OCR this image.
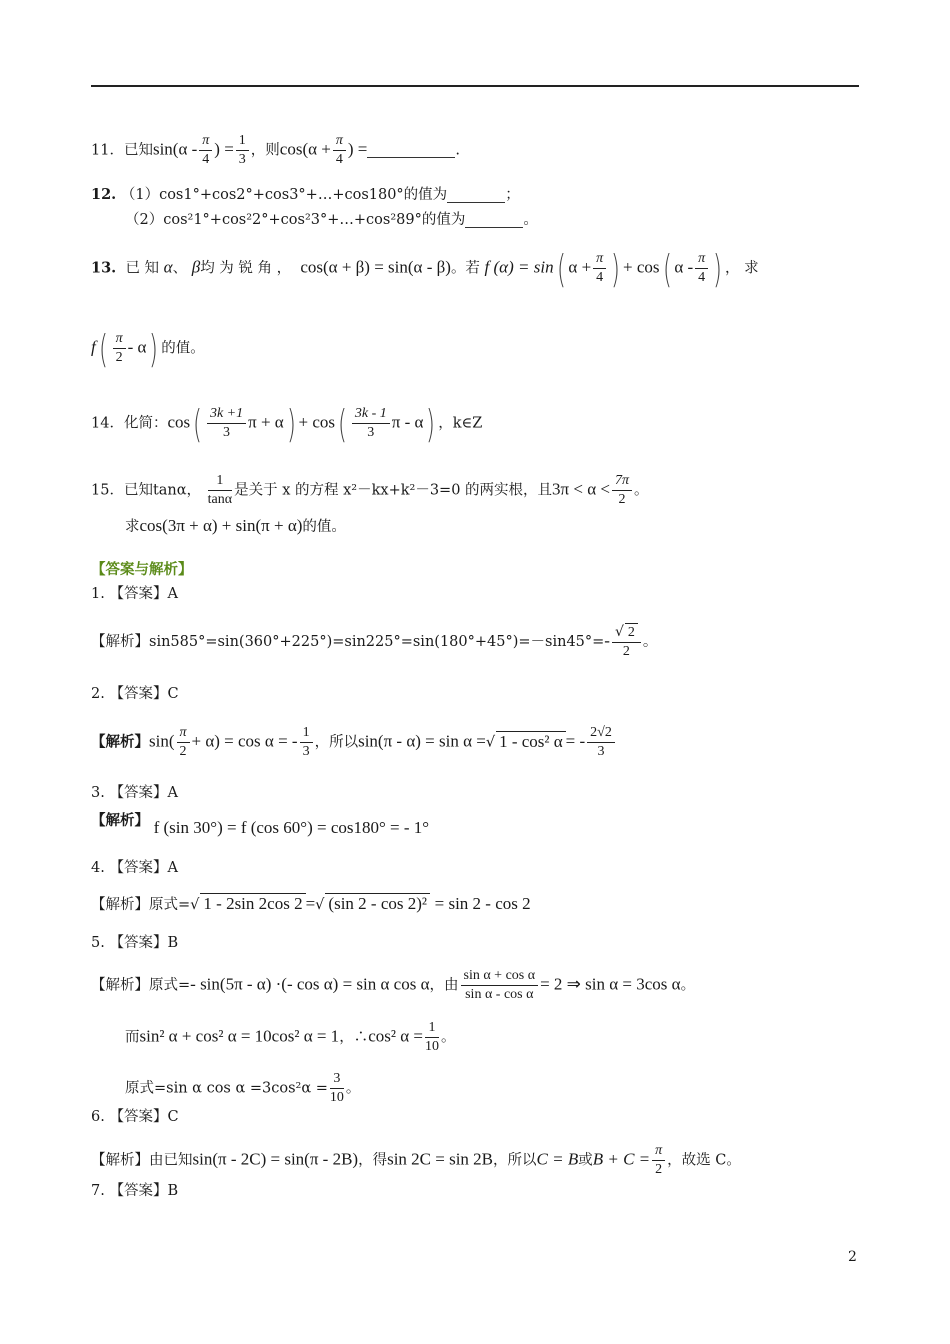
11．已知$\sin(\alpha - \frac{\pi}{4}$ ) = $\frac{1}{3}$ ，则$\cos(\alpha + \frac{\pi}{4}$ ) =	.
12. （1）cos1°+cos2°+cos3°+…+cos180°的值为	；
（2）cos²1°+cos²2°+cos²3°+…+cos²89°的值为	。
13. 已 知 α、 β均 为 锐 角 ， cos(α + β) = sin(α - β)。若 f (α) = sin( $\alpha + \frac{\pi}{4}$ ) + cos( α - $\frac{\pi}{4}$ ) ， 求
$f( \frac{\pi}{2} - \alpha)$ 的值。
14．化简：$\cos( \frac{3k +1}{3}$ $\pi + \alpha) + \cos( \frac{3k - 1}{3}$ π - α) ，k∈Z
15．已知tanα， $\frac{1}{\tan\alpha}$ 是关于 x 的方程 x²－kx+k²－3=0 的两实根，且$3\pi < \alpha < \frac{7\pi}{2}$ 。
求cos(3π + α) + sin(π + α)的值。
【答案与解析】
1. 【答案】A
【解析】$\sin 585^\circ=\sin(360^\circ+225^\circ)=\sin 225^\circ=\sin(180^\circ+45^\circ)=-\sin 45^\circ=- \frac{√ 2}{2}$ 。
2. 【答案】C
【解析】$\sin( \frac{\pi}{2} + \alpha) = \cos \alpha$ = - $\frac{1}{3}$ ，所以sin(π - α) = sin α =√ 1 - cos² α = - $\frac{2√2}{3}$
3. 【答案】A
【解析】 f (sin 30°) = f (cos 60°) = cos180° = - 1°
4. 【答案】A
【解析】原式=√ 1 - 2sin 2cos 2 =√ (sin 2 - cos 2)² = sin 2 - cos 2
5. 【答案】B
【解析】原式=- sin(5π - α) ·(- cos α) = sin α cos α，由 $\frac{\text{sin α + cos α}}{\text{sin α - cos α}} = 2$ ⇒ sin α = 3cos α。
而sin² α + cos² α = 10cos² α = 1，∴cos² $\alpha = \frac{1}{10}$ 。
原式=sin α $\cos \alpha =3\cos^2\alpha = \frac{3}{10}$ 。
6. 【答案】C
【解析】由已知sin(π - 2C) = sin(π - 2B)，得sin 2C = sin 2B，所以C = B或$B + C = \frac{\pi}{2}$ ，故选 C。
7. 【答案】B
2
